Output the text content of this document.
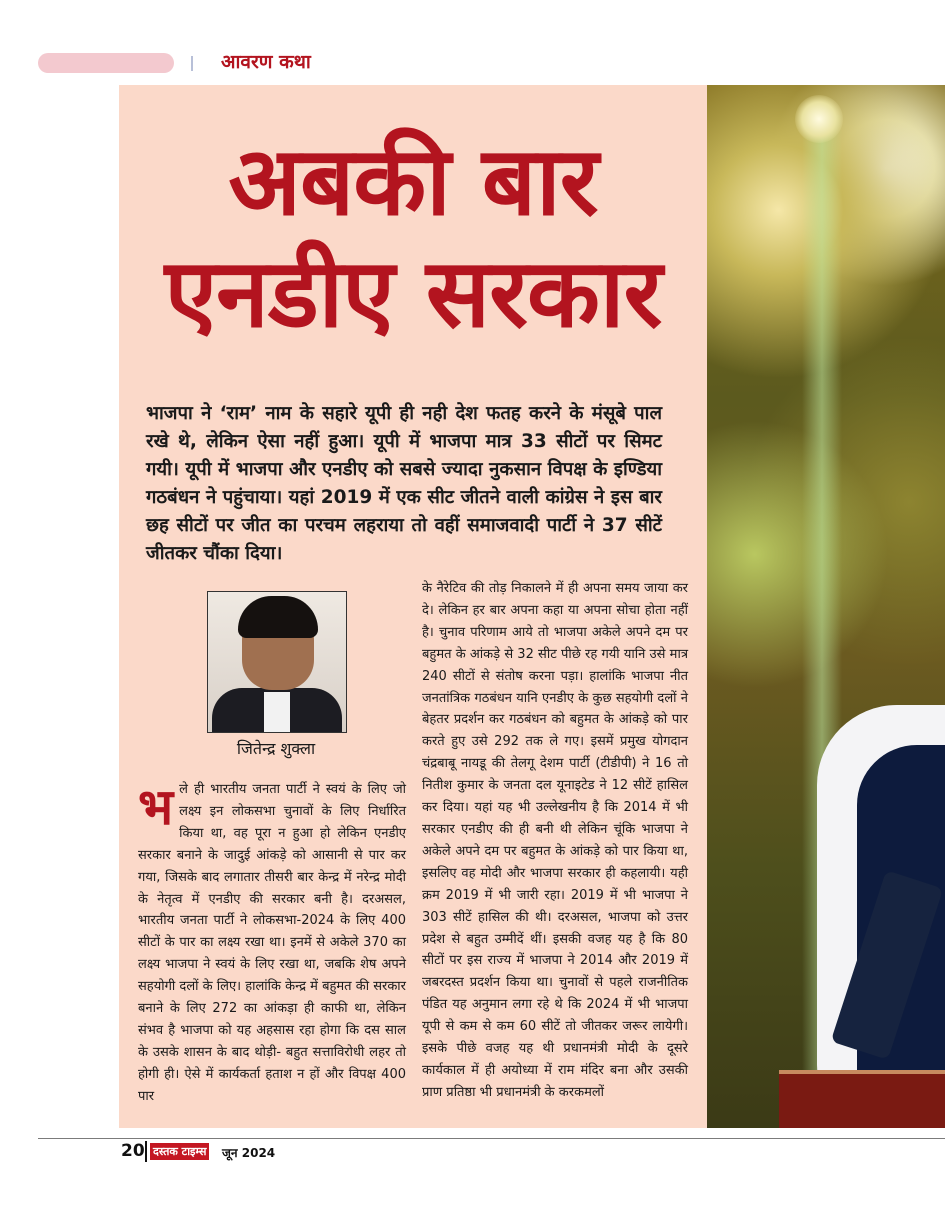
आवरण कथा
अबकी बार
एनडीए सरकार
भाजपा ने ‘राम’ नाम के सहारे यूपी ही नही देश फतह करने के मंसूबे पाल रखे थे, लेकिन ऐसा नहीं हुआ। यूपी में भाजपा मात्र 33 सीटों पर सिमट गयी। यूपी में भाजपा और एनडीए को सबसे ज्यादा नुकसान विपक्ष के इण्डिया गठबंधन ने पहुंचाया। यहां 2019 में एक सीट जीतने वाली कांग्रेस ने इस बार छह सीटों पर जीत का परचम लहराया तो वहीं समाजवादी पार्टी ने 37 सीटें जीतकर चौंका दिया।
जितेन्द्र शुक्ला
भ ले ही भारतीय जनता पार्टी ने स्वयं के लिए जो लक्ष्य इन लोकसभा चुनावों के लिए निर्धारित किया था, वह पूरा न हुआ हो लेकिन एनडीए सरकार बनाने के जादुई आंकड़े को आसानी से पार कर गया, जिसके बाद लगातार तीसरी बार केन्द्र में नरेन्द्र मोदी के नेतृत्व में एनडीए की सरकार बनी है। दरअसल, भारतीय जनता पार्टी ने लोकसभा-2024 के लिए 400 सीटों के पार का लक्ष्य रखा था। इनमें से अकेले 370 का लक्ष्य भाजपा ने स्वयं के लिए रखा था, जबकि शेष अपने सहयोगी दलों के लिए। हालांकि केन्द्र में बहुमत की सरकार बनाने के लिए 272 का आंकड़ा ही काफी था, लेकिन संभव है भाजपा को यह अहसास रहा होगा कि दस साल के उसके शासन के बाद थोड़ी- बहुत सत्ताविरोधी लहर तो होगी ही। ऐसे में कार्यकर्ता हताश न हों और विपक्ष 400 पार
के नैरेटिव की तोड़ निकालने में ही अपना समय जाया कर दे। लेकिन हर बार अपना कहा या अपना सोचा होता नहीं है। चुनाव परिणाम आये तो भाजपा अकेले अपने दम पर बहुमत के आंकड़े से 32 सीट पीछे रह गयी यानि उसे मात्र 240 सीटों से संतोष करना पड़ा। हालांकि भाजपा नीत जनतांत्रिक गठबंधन यानि एनडीए के कुछ सहयोगी दलों ने बेहतर प्रदर्शन कर गठबंधन को बहुमत के आंकड़े को पार करते हुए उसे 292 तक ले गए। इसमें प्रमुख योगदान चंद्रबाबू नायडू की तेलगू देशम पार्टी (टीडीपी) ने 16 तो नितीश कुमार के जनता दल यूनाइटेड ने 12 सीटें हासिल कर दिया। यहां यह भी उल्लेखनीय है कि 2014 में भी सरकार एनडीए की ही बनी थी लेकिन चूंकि भाजपा ने अकेले अपने दम पर बहुमत के आंकड़े को पार किया था, इसलिए वह मोदी और भाजपा सरकार ही कहलायी। यही क्रम 2019 में भी जारी रहा। 2019 में भी भाजपा ने 303 सीटें हासिल की थी। दरअसल, भाजपा को उत्तर प्रदेश से बहुत उम्मीदें थीं। इसकी वजह यह है कि 80 सीटों पर इस राज्य में भाजपा ने 2014 और 2019 में जबरदस्त प्रदर्शन किया था। चुनावों से पहले राजनीतिक पंडित यह अनुमान लगा रहे थे कि 2024 में भी भाजपा यूपी से कम से कम 60 सीटें तो जीतकर जरूर लायेगी। इसके पीछे वजह यह थी प्रधानमंत्री मोदी के दूसरे कार्यकाल में ही अयोध्या में राम मंदिर बना और उसकी प्राण प्रतिष्ठा भी प्रधानमंत्री के करकमलों
20 दस्तक टाइम्स जून 2024
